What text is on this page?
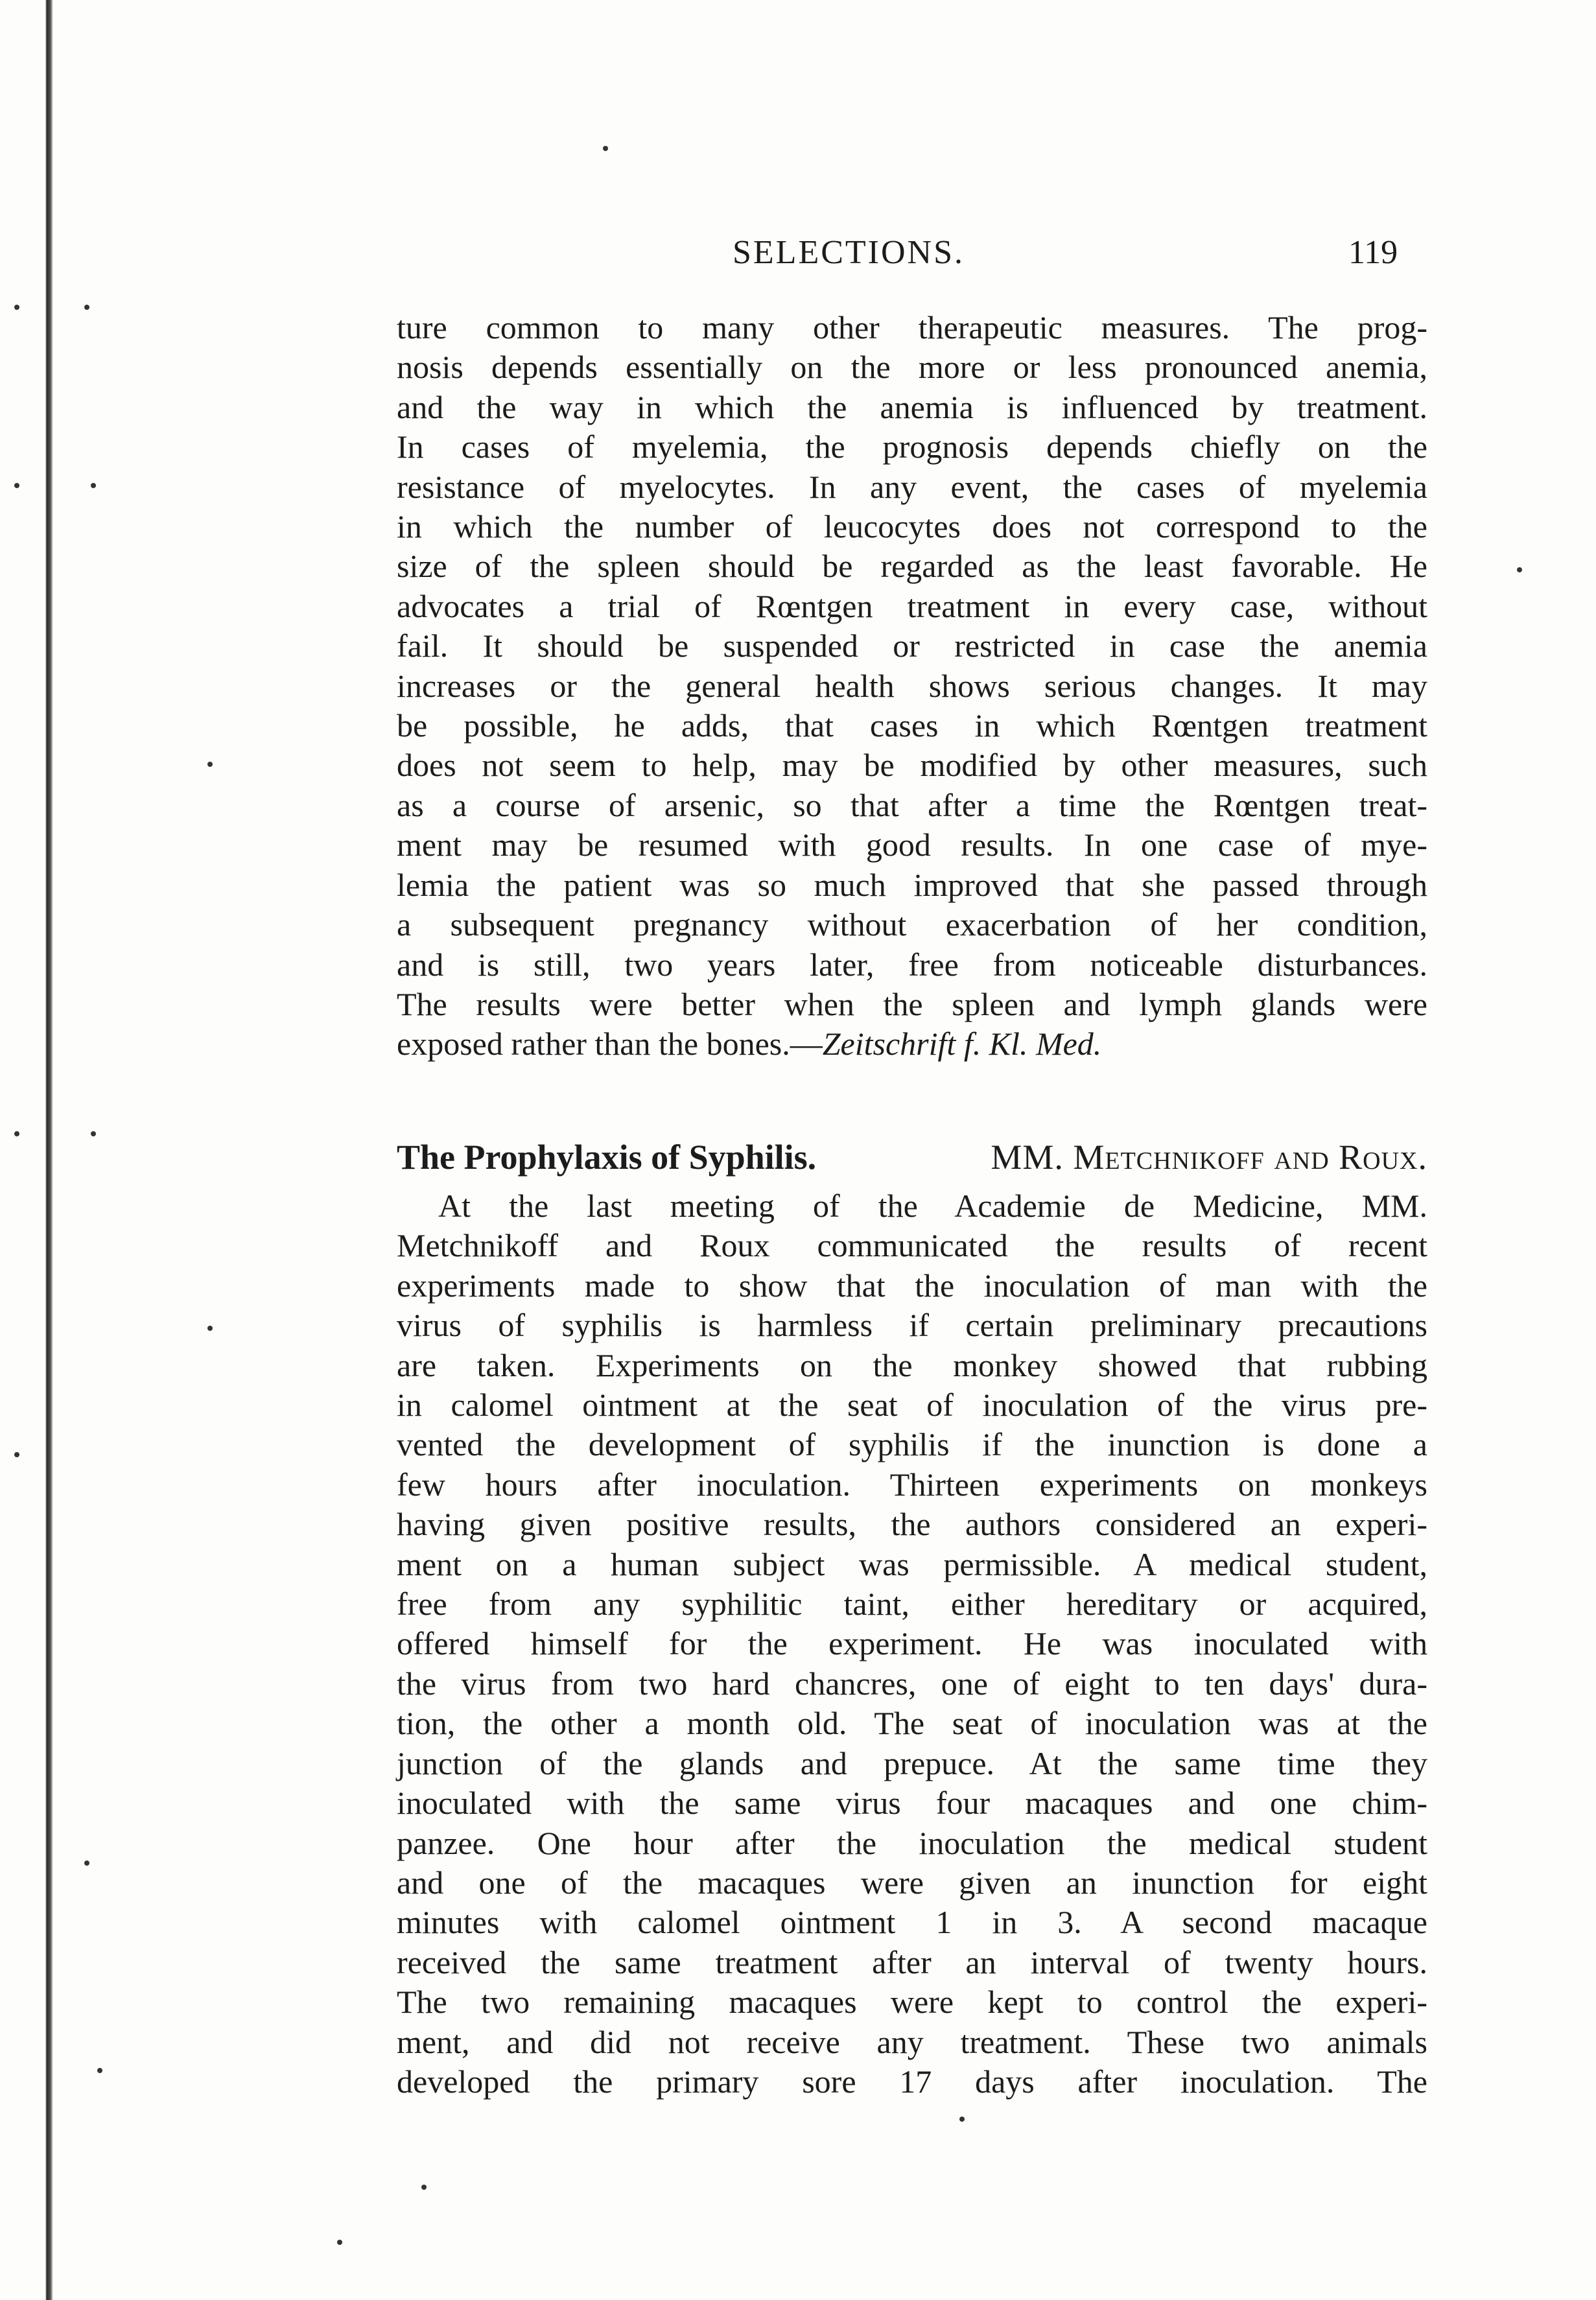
SELECTIONS.	119
ture common to many other therapeutic measures. The prog-
nosis depends essentially on the more or less pronounced anemia,
and the way in which the anemia is influenced by treatment.
In cases of myelemia, the prognosis depends chiefly on the
resistance of myelocytes. In any event, the cases of myelemia
in which the number of leucocytes does not correspond to the
size of the spleen should be regarded as the least favorable. He
advocates a trial of Rœntgen treatment in every case, without
fail. It should be suspended or restricted in case the anemia
increases or the general health shows serious changes. It may
be possible, he adds, that cases in which Rœntgen treatment
does not seem to help, may be modified by other measures, such
as a course of arsenic, so that after a time the Rœntgen treat-
ment may be resumed with good results. In one case of mye-
lemia the patient was so much improved that she passed through
a subsequent pregnancy without exacerbation of her condition,
and is still, two years later, free from noticeable disturbances.
The results were better when the spleen and lymph glands were
exposed rather than the bones.—Zeitschrift f. Kl. Med.
The Prophylaxis of Syphilis.	MM. Metchnikoff and Roux.
At the last meeting of the Academie de Medicine, MM.
Metchnikoff and Roux communicated the results of recent
experiments made to show that the inoculation of man with the
virus of syphilis is harmless if certain preliminary precautions
are taken. Experiments on the monkey showed that rubbing
in calomel ointment at the seat of inoculation of the virus pre-
vented the development of syphilis if the inunction is done a
few hours after inoculation. Thirteen experiments on monkeys
having given positive results, the authors considered an experi-
ment on a human subject was permissible. A medical student,
free from any syphilitic taint, either hereditary or acquired,
offered himself for the experiment. He was inoculated with
the virus from two hard chancres, one of eight to ten days' dura-
tion, the other a month old. The seat of inoculation was at the
junction of the glands and prepuce. At the same time they
inoculated with the same virus four macaques and one chim-
panzee. One hour after the inoculation the medical student
and one of the macaques were given an inunction for eight
minutes with calomel ointment 1 in 3. A second macaque
received the same treatment after an interval of twenty hours.
The two remaining macaques were kept to control the experi-
ment, and did not receive any treatment. These two animals
developed the primary sore 17 days after inoculation. The
